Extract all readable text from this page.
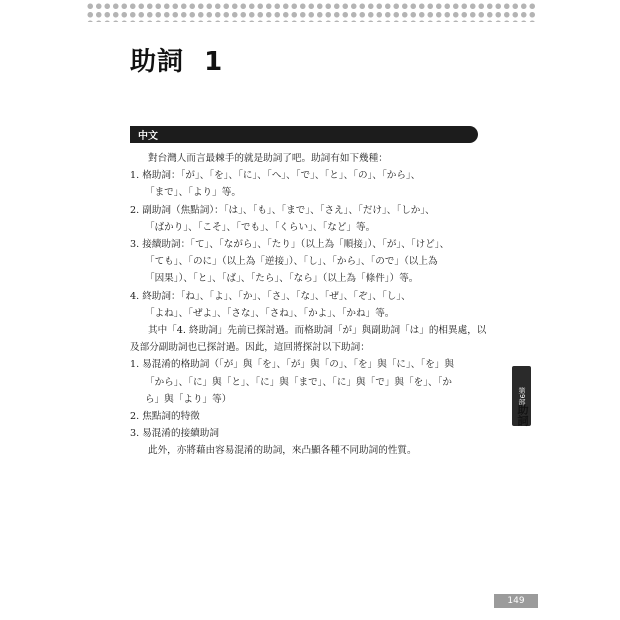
助詞  1
中文
對台灣人而言最棘手的就是助詞了吧。助詞有如下幾種：
1. 格助詞：「が」、「を」、「に」、「へ」、「で」、「と」、「の」、「から」、
「まで」、「より」等。
2. 副助詞（焦點詞）：「は」、「も」、「まで」、「さえ」、「だけ」、「しか」、
「ばかり」、「こそ」、「でも」、「くらい」、「など」等。
3. 接續助詞：「て」、「ながら」、「たり」（以上為「順接」）、「が」、「けど」、
「ても」、「のに」（以上為「逆接」）、「し」、「から」、「ので」（以上為
「因果」）、「と」、「ば」、「たら」、「なら」（以上為「條件」）等。
4. 終助詞：「ね」、「よ」、「か」、「さ」、「な」、「ぜ」、「ぞ」、「し」、
「よね」、「ぜよ」、「さな」、「さね」、「かよ」、「かね」等。
其中「4. 終助詞」先前已探討過。而格助詞「が」與副助詞「は」的相異處，以
及部分副助詞也已探討過。因此，這回將探討以下助詞：
1. 易混淆的格助詞（「が」與「を」、「が」與「の」、「を」與「に」、「を」與
「から」、「に」與「と」、「に」與「まで」、「に」與「で」與「を」、「か
ら」與「より」等）
2. 焦點詞的特徵
3. 易混淆的接續助詞
此外，亦將藉由容易混淆的助詞，來凸顯各種不同助詞的性質。
第9部
助詞
149
